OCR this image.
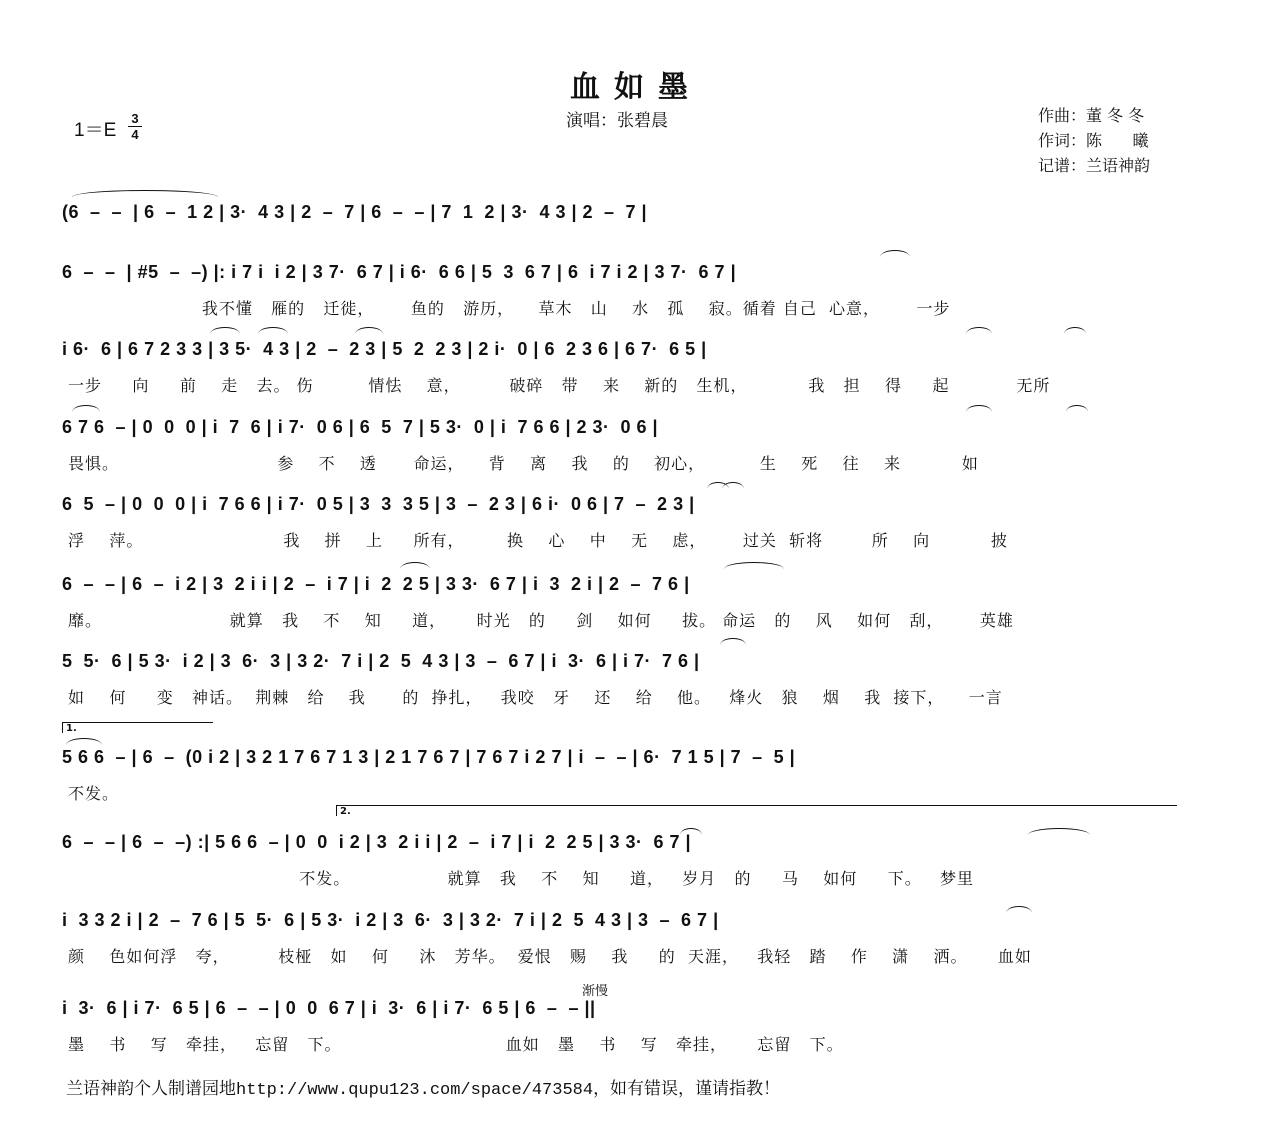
血如墨
演唱：张碧晨
1＝E
3
4
作曲：董 冬 冬
作词：陈      曦
记谱：兰语神韵
(6  –  –  | 6  –  1 2 | 3·  4 3 | 2  –  7 | 6  –  – | 7  1  2 | 3·  4 3 | 2  –  7 |
6  –  –  | #5  –  –) |: i 7 i  i 2 | 3 7·  6 7 | i 6·  6 6 | 5  3  6 7 | 6  i 7 i 2 | 3 7·  6 7 |
我不懂   雁的   迁徙，      鱼的   游历，    草木   山    水   孤    寂。循着 自己  心意，      一步
i 6·  6 | 6 7 2 3 3 | 3 5·  4 3 | 2  –  2 3 | 5  2  2 3 | 2 i·  0 | 6  2 3 6 | 6 7·  6 5 |
一步     向     前    走   去。 伤         情怯    意，        破碎   带    来    新的   生机，          我   担    得     起           无所
6 7 6  – | 0  0  0 | i  7  6 | i 7·  0 6 | 6  5  7 | 5 3·  0 | i  7 6 6 | 2 3·  0 6 |
畏惧。                          参    不    透      命运，    背    离    我    的    初心，         生    死    往    来          如
6  5  – | 0  0  0 | i  7 6 6 | i 7·  0 5 | 3  3  3 5 | 3  –  2 3 | 6 i·  0 6 | 7  –  2 3 |
浮    萍。                       我    拼    上     所有，       换    心    中    无    虑，      过关  斩将        所    向          披
6  –  – | 6  –  i 2 | 3  2 i i | 2  –  i 7 | i  2  2 5 | 3 3·  6 7 | i  3  2 i | 2  –  7 6 |
靡。                     就算   我    不    知     道，     时光   的     剑    如何     拔。 命运   的    风    如何   刮，      英雄
5  5·  6 | 5 3·  i 2 | 3  6·  3 | 3 2·  7 i | 2  5  4 3 | 3  –  6 7 | i  3·  6 | i 7·  7 6 |
如    何     变   神话。  荆棘   给    我      的  挣扎，   我咬   牙    还    给    他。   烽火   狼    烟    我  接下，    一言
5 6 6  – | 6  –  (0 i 2 | 3 2 1 7 6 7 1 3 | 2 1 7 6 7 | 7 6 7 i 2 7 | i  –  – | 6·  7 1 5 | 7  –  5 |
不发。
6  –  – | 6  –  –) :| 5 6 6  – | 0  0  i 2 | 3  2 i i | 2  –  i 7 | i  2  2 5 | 3 3·  6 7 |
不发。                就算   我    不    知     道，   岁月   的     马    如何     下。   梦里
i  3 3 2 i | 2  –  7 6 | 5  5·  6 | 5 3·  i 2 | 3  6·  3 | 3 2·  7 i | 2  5  4 3 | 3  –  6 7 |
颜    色如何浮   夸，        枝桠   如    何     沐   芳华。  爱恨   赐    我     的  天涯，   我轻   踏    作    潇    洒。     血如
i  3·  6 | i 7·  6 5 | 6  –  – | 0  0  6 7 | i  3·  6 | i 7·  6 5 | 6  –  – ||
墨    书    写   牵挂，   忘留   下。                           血如   墨    书    写   牵挂，     忘留   下。
1.
2.
渐慢
兰语神韵个人制谱园地http://www.qupu123.com/space/473584，如有错误，谨请指教！
